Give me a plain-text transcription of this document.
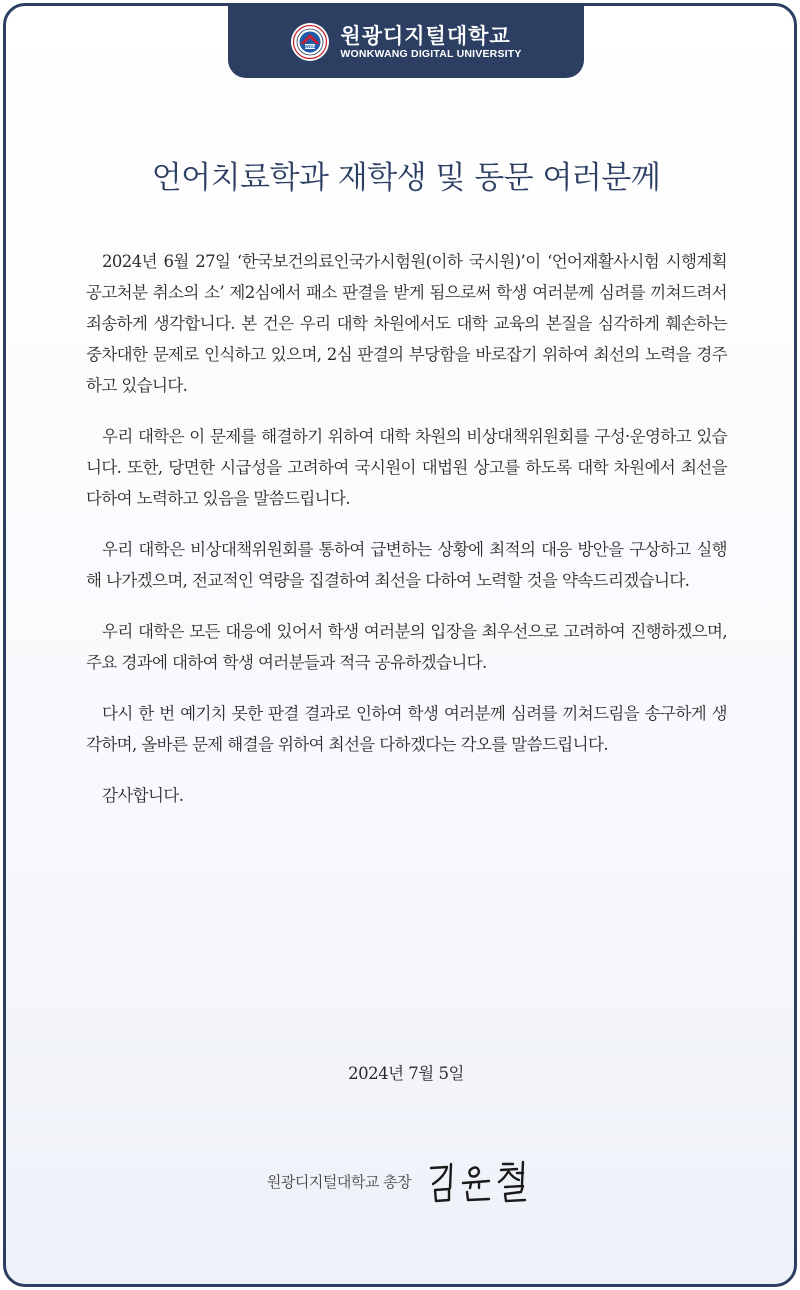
WDU 원광디지털대학교
WONKWANG DIGITAL UNIVERSITY
언어치료학과 재학생 및 동문 여러분께

2024년 6월 27일 ‘한국보건의료인국가시험원(이하 국시원)’이 ‘언어재활사시험 시행계획공고처분 취소의 소’ 제2심에서 패소 판결을 받게 됨으로써 학생 여러분께 심려를 끼쳐드려서 죄송하게 생각합니다. 본 건은 우리 대학 차원에서도 대학 교육의 본질을 심각하게 훼손하는 중차대한 문제로 인식하고 있으며, 2심 판결의 부당함을 바로잡기 위하여 최선의 노력을 경주하고 있습니다.

우리 대학은 이 문제를 해결하기 위하여 대학 차원의 비상대책위원회를 구성·운영하고 있습니다. 또한, 당면한 시급성을 고려하여 국시원이 대법원 상고를 하도록 대학 차원에서 최선을 다하여 노력하고 있음을 말씀드립니다.

우리 대학은 비상대책위원회를 통하여 급변하는 상황에 최적의 대응 방안을 구상하고 실행해 나가겠으며, 전교적인 역량을 집결하여 최선을 다하여 노력할 것을 약속드리겠습니다.

우리 대학은 모든 대응에 있어서 학생 여러분의 입장을 최우선으로 고려하여 진행하겠으며, 주요 경과에 대하여 학생 여러분들과 적극 공유하겠습니다.

다시 한 번 예기치 못한 판결 결과로 인하여 학생 여러분께 심려를 끼쳐드림을 송구하게 생각하며, 올바른 문제 해결을 위하여 최선을 다하겠다는 각오를 말씀드립니다.

감사합니다.

2024년 7월 5일
원광디지털대학교 총장
